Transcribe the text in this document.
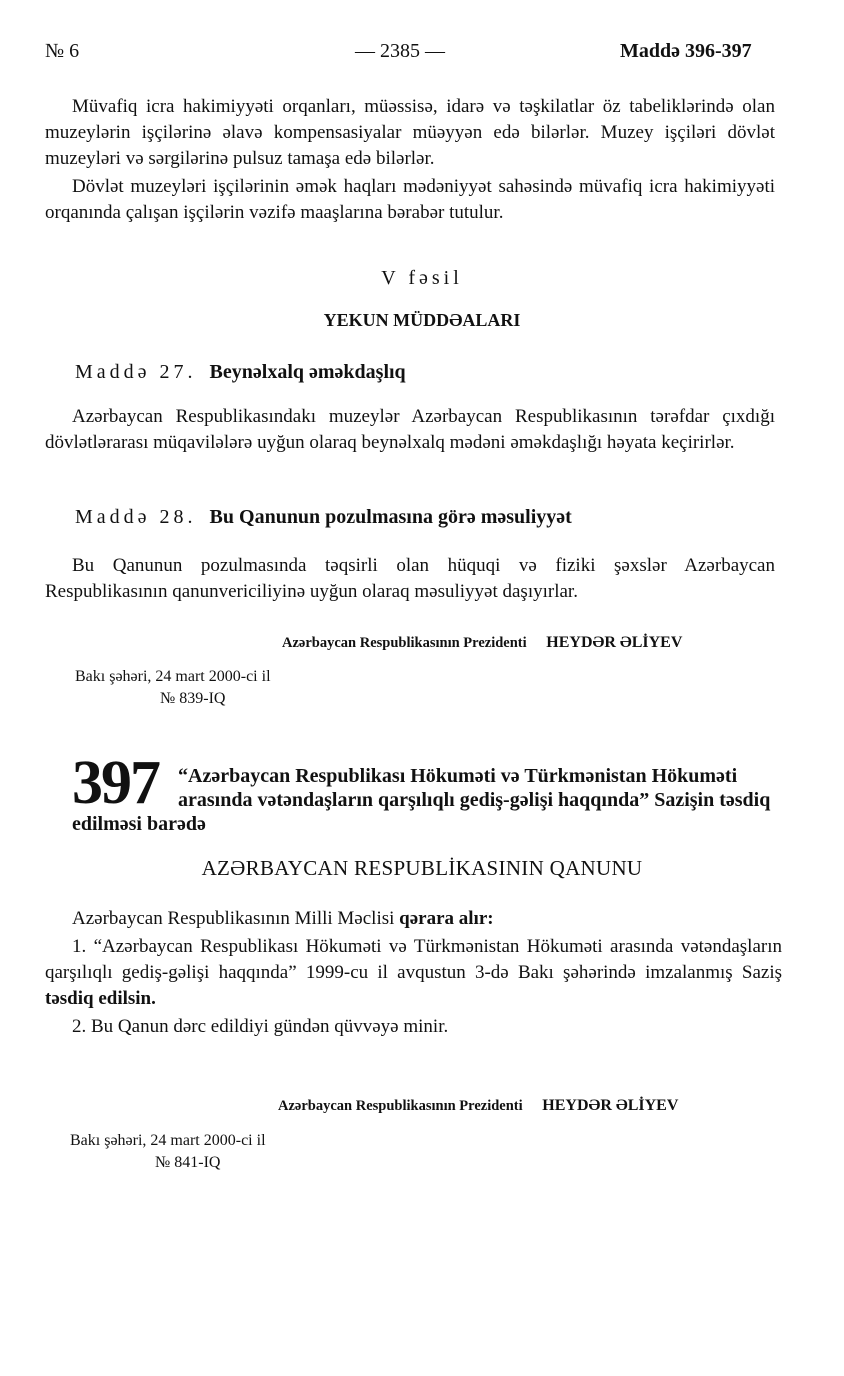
№ 6	— 2385 —	Maddə 396-397
Müvafiq icra hakimiyyəti orqanları, müəssisə, idarə və təşkilatlar öz tabeliklərində olan muzeylərin işçilərinə əlavə kompensasiyalar müəyyən edə bilərlər. Muzey işçiləri dövlət muzeyləri və sərgilərinə pulsuz tamaşa edə bilərlər.
Dövlət muzeyləri işçilərinin əmək haqları mədəniyyət sahəsində müvafiq icra hakimiyyəti orqanında çalışan işçilərin vəzifə maaşlarına bərabər tutulur.
V fəsil
YEKUN MÜDDƏALARI
Maddə 27. Beynəlxalq əməkdaşlıq
Azərbaycan Respublikasındakı muzeylər Azərbaycan Respublikasının tərəfdar çıxdığı dövlətlərarası müqavilələrə uyğun olaraq beynəlxalq mədəni əməkdaşlığı həyata keçirirlər.
Maddə 28. Bu Qanunun pozulmasına görə məsuliyyət
Bu Qanunun pozulmasında təqsirli olan hüquqi və fiziki şəxslər Azərbaycan Respublikasının qanunvericiliyinə uyğun olaraq məsuliyyət daşıyırlar.
Azərbaycan Respublikasının Prezidenti HEYDƏR ƏLİYEV
Bakı şəhəri, 24 mart 2000-ci il
№ 839-IQ
397 “Azərbaycan Respublikası Hökuməti və Türkmənistan Hökuməti arasında vətəndaşların qarşılıqlı gediş-gəlişi haqqında” Sazişin təsdiq edilməsi barədə
AZƏRBAYCAN RESPUBLİKASININ QANUNU
Azərbaycan Respublikasının Milli Məclisi qərara alır:
1. “Azərbaycan Respublikası Hökuməti və Türkmənistan Hökuməti arasında vətəndaşların qarşılıqlı gediş-gəlişi haqqında” 1999-cu il avqustun 3-də Bakı şəhərində imzalanmış Saziş təsdiq edilsin.
2. Bu Qanun dərc edildiyi gündən qüvvəyə minir.
Azərbaycan Respublikasının Prezidenti HEYDƏR ƏLİYEV
Bakı şəhəri, 24 mart 2000-ci il
№ 841-IQ
